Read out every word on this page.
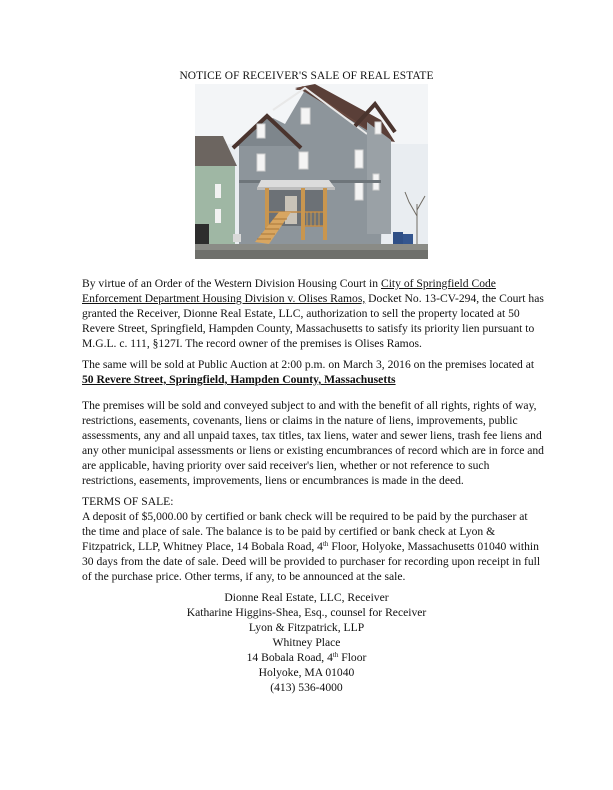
NOTICE OF RECEIVER'S SALE OF REAL ESTATE

By virtue of an Order of the Western Division Housing Court in City of Springfield Code Enforcement Department Housing Division v. Olises Ramos, Docket No. 13-CV-294, the Court has granted the Receiver, Dionne Real Estate, LLC, authorization to sell the property located at 50 Revere Street, Springfield, Hampden County, Massachusetts to satisfy its priority lien pursuant to M.G.L. c. 111, §127I. The record owner of the premises is Olises Ramos.

The same will be sold at Public Auction at 2:00 p.m. on March 3, 2016 on the premises located at 50 Revere Street, Springfield, Hampden County, Massachusetts

The premises will be sold and conveyed subject to and with the benefit of all rights, rights of way, restrictions, easements, covenants, liens or claims in the nature of liens, improvements, public assessments, any and all unpaid taxes, tax titles, tax liens, water and sewer liens, trash fee liens and any other municipal assessments or liens or existing encumbrances of record which are in force and are applicable, having priority over said receiver's lien, whether or not reference to such restrictions, easements, improvements, liens or encumbrances is made in the deed.

TERMS OF SALE:

A deposit of $5,000.00 by certified or bank check will be required to be paid by the purchaser at the time and place of sale. The balance is to be paid by certified or bank check at Lyon & Fitzpatrick, LLP, Whitney Place, 14 Bobala Road, 4th Floor, Holyoke, Massachusetts 01040 within 30 days from the date of sale. Deed will be provided to purchaser for recording upon receipt in full of the purchase price. Other terms, if any, to be announced at the sale.

Dionne Real Estate, LLC, Receiver
Katharine Higgins-Shea, Esq., counsel for Receiver
Lyon & Fitzpatrick, LLP
Whitney Place
14 Bobala Road, 4th Floor
Holyoke, MA 01040
(413) 536-4000
